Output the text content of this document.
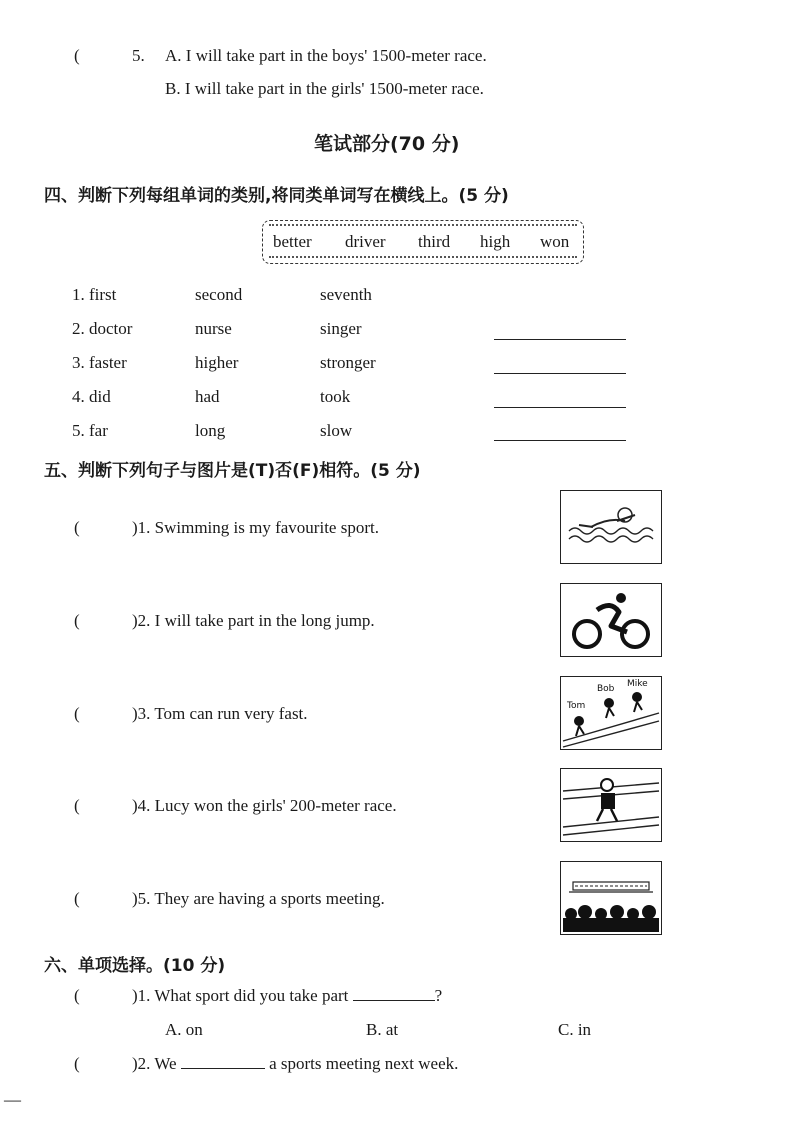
(	5. A. I will take part in the boys' 1500-meter race.
B. I will take part in the girls' 1500-meter race.
笔试部分(70 分)
四、判断下列每组单词的类别,将同类单词写在横线上。(5 分)
better driver third high won
1. first	second	seventh
2. doctor	nurse	singer
3. faster	higher	stronger
4. did	had	took
5. far	long	slow
五、判断下列句子与图片是(T)否(F)相符。(5 分)
(	)1. Swimming is my favourite sport.
(	)2. I will take part in the long jump.
(	)3. Tom can run very fast.
Bob Mike
Tom
(	)4. Lucy won the girls' 200-meter race.
(	)5. They are having a sports meeting.
六、单项选择。(10 分)
(	)1. What sport did you take part	?
A. on	B. at	C. in
(	)2. We	a sports meeting next week.
—
